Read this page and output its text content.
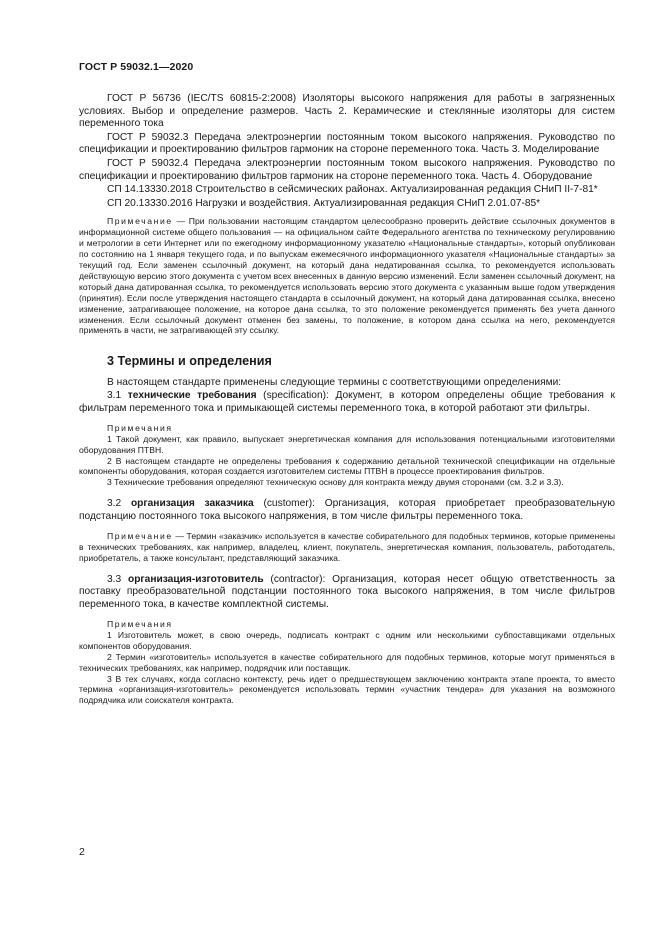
ГОСТ Р 59032.1—2020

ГОСТ Р 56736 (IEC/TS 60815-2:2008) Изоляторы высокого напряжения для работы в загрязненных условиях. Выбор и определение размеров. Часть 2. Керамические и стеклянные изоляторы для систем переменного тока

ГОСТ Р 59032.3 Передача электроэнергии постоянным током высокого напряжения. Руководство по спецификации и проектированию фильтров гармоник на стороне переменного тока. Часть 3. Моделирование

ГОСТ Р 59032.4 Передача электроэнергии постоянным током высокого напряжения. Руководство по спецификации и проектированию фильтров гармоник на стороне переменного тока. Часть 4. Оборудование

СП 14.13330.2018 Строительство в сейсмических районах. Актуализированная редакция СНиП II-7-81*

СП 20.13330.2016 Нагрузки и воздействия. Актуализированная редакция СНиП 2.01.07-85*

Примечание — При пользовании настоящим стандартом целесообразно проверить действие ссылочных документов в информационной системе общего пользования — на официальном сайте Федерального агентства по техническому регулированию и метрологии в сети Интернет или по ежегодному информационному указателю «Национальные стандарты», который опубликован по состоянию на 1 января текущего года, и по выпускам ежемесячного информационного указателя «Национальные стандарты» за текущий год. Если заменен ссылочный документ, на который дана недатированная ссылка, то рекомендуется использовать действующую версию этого документа с учетом всех внесенных в данную версию изменений. Если заменен ссылочный документ, на который дана датированная ссылка, то рекомендуется использовать версию этого документа с указанным выше годом утверждения (принятия). Если после утверждения настоящего стандарта в ссылочный документ, на который дана датированная ссылка, внесено изменение, затрагивающее положение, на которое дана ссылка, то это положение рекомендуется применять без учета данного изменения. Если ссылочный документ отменен без замены, то положение, в котором дана ссылка на него, рекомендуется применять в части, не затрагивающей эту ссылку.

3 Термины и определения

В настоящем стандарте применены следующие термины с соответствующими определениями:

3.1 технические требования (specification): Документ, в котором определены общие требования к фильтрам переменного тока и примыкающей системы переменного тока, в которой работают эти фильтры.

Примечания

1 Такой документ, как правило, выпускает энергетическая компания для использования потенциальными изготовителями оборудования ПТВН.

2 В настоящем стандарте не определены требования к содержанию детальной технической спецификации на отдельные компоненты оборудования, которая создается изготовителем системы ПТВН в процессе проектирования фильтров.

3 Технические требования определяют техническую основу для контракта между двумя сторонами (см. 3.2 и 3.3).

3.2 организация заказчика (customer): Организация, которая приобретает преобразовательную подстанцию постоянного тока высокого напряжения, в том числе фильтры переменного тока.

Примечание — Термин «заказчик» используется в качестве собирательного для подобных терминов, которые применены в технических требованиях, как например, владелец, клиент, покупатель, энергетическая компания, пользователь, работодатель, приобретатель, а также консультант, представляющий заказчика.

3.3 организация-изготовитель (contractor): Организация, которая несет общую ответственность за поставку преобразовательной подстанции постоянного тока высокого напряжения, в том числе фильтров переменного тока, в качестве комплектной системы.

Примечания

1 Изготовитель может, в свою очередь, подписать контракт с одним или несколькими субпоставщиками отдельных компонентов оборудования.

2 Термин «изготовитель» используется в качестве собирательного для подобных терминов, которые могут применяться в технических требованиях, как например, подрядчик или поставщик.

3 В тех случаях, когда согласно контексту, речь идет о предшествующем заключению контракта этапе проекта, то вместо термина «организация-изготовитель» рекомендуется использовать термин «участник тендера» для указания на возможного подрядчика или соискателя контракта.

2
